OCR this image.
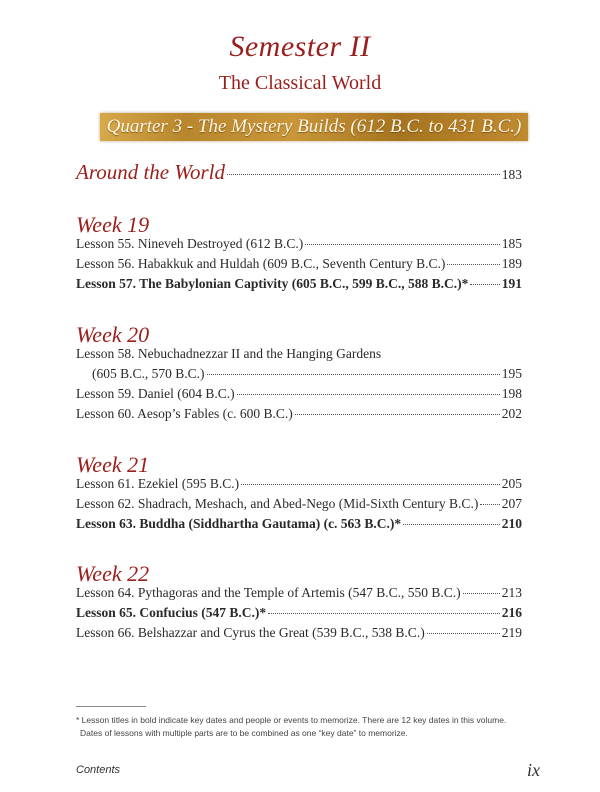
Semester II
The Classical World
Quarter 3 - The Mystery Builds (612 B.C. to 431 B.C.)
Around the World	183
Week 19
Lesson 55. Nineveh Destroyed (612 B.C.)	185
Lesson 56. Habakkuk and Huldah (609 B.C., Seventh Century B.C.)	189
Lesson 57. The Babylonian Captivity (605 B.C., 599 B.C., 588 B.C.)* 191
Week 20
Lesson 58. Nebuchadnezzar II and the Hanging Gardens
(605 B.C., 570 B.C.)	195
Lesson 59. Daniel (604 B.C.)	198
Lesson 60. Aesop’s Fables (c. 600 B.C.)	202
Week 21
Lesson 61. Ezekiel (595 B.C.)	205
Lesson 62. Shadrach, Meshach, and Abed-Nego (Mid-Sixth Century B.C.) 207
Lesson 63. Buddha (Siddhartha Gautama) (c. 563 B.C.)*	210
Week 22
Lesson 64. Pythagoras and the Temple of Artemis (547 B.C., 550 B.C.)	213
Lesson 65. Confucius (547 B.C.)*	216
Lesson 66. Belshazzar and Cyrus the Great (539 B.C., 538 B.C.)	219
* Lesson titles in bold indicate key dates and people or events to memorize. There are 12 key dates in this volume.
Dates of lessons with multiple parts are to be combined as one “key date” to memorize.
Contents	ix
